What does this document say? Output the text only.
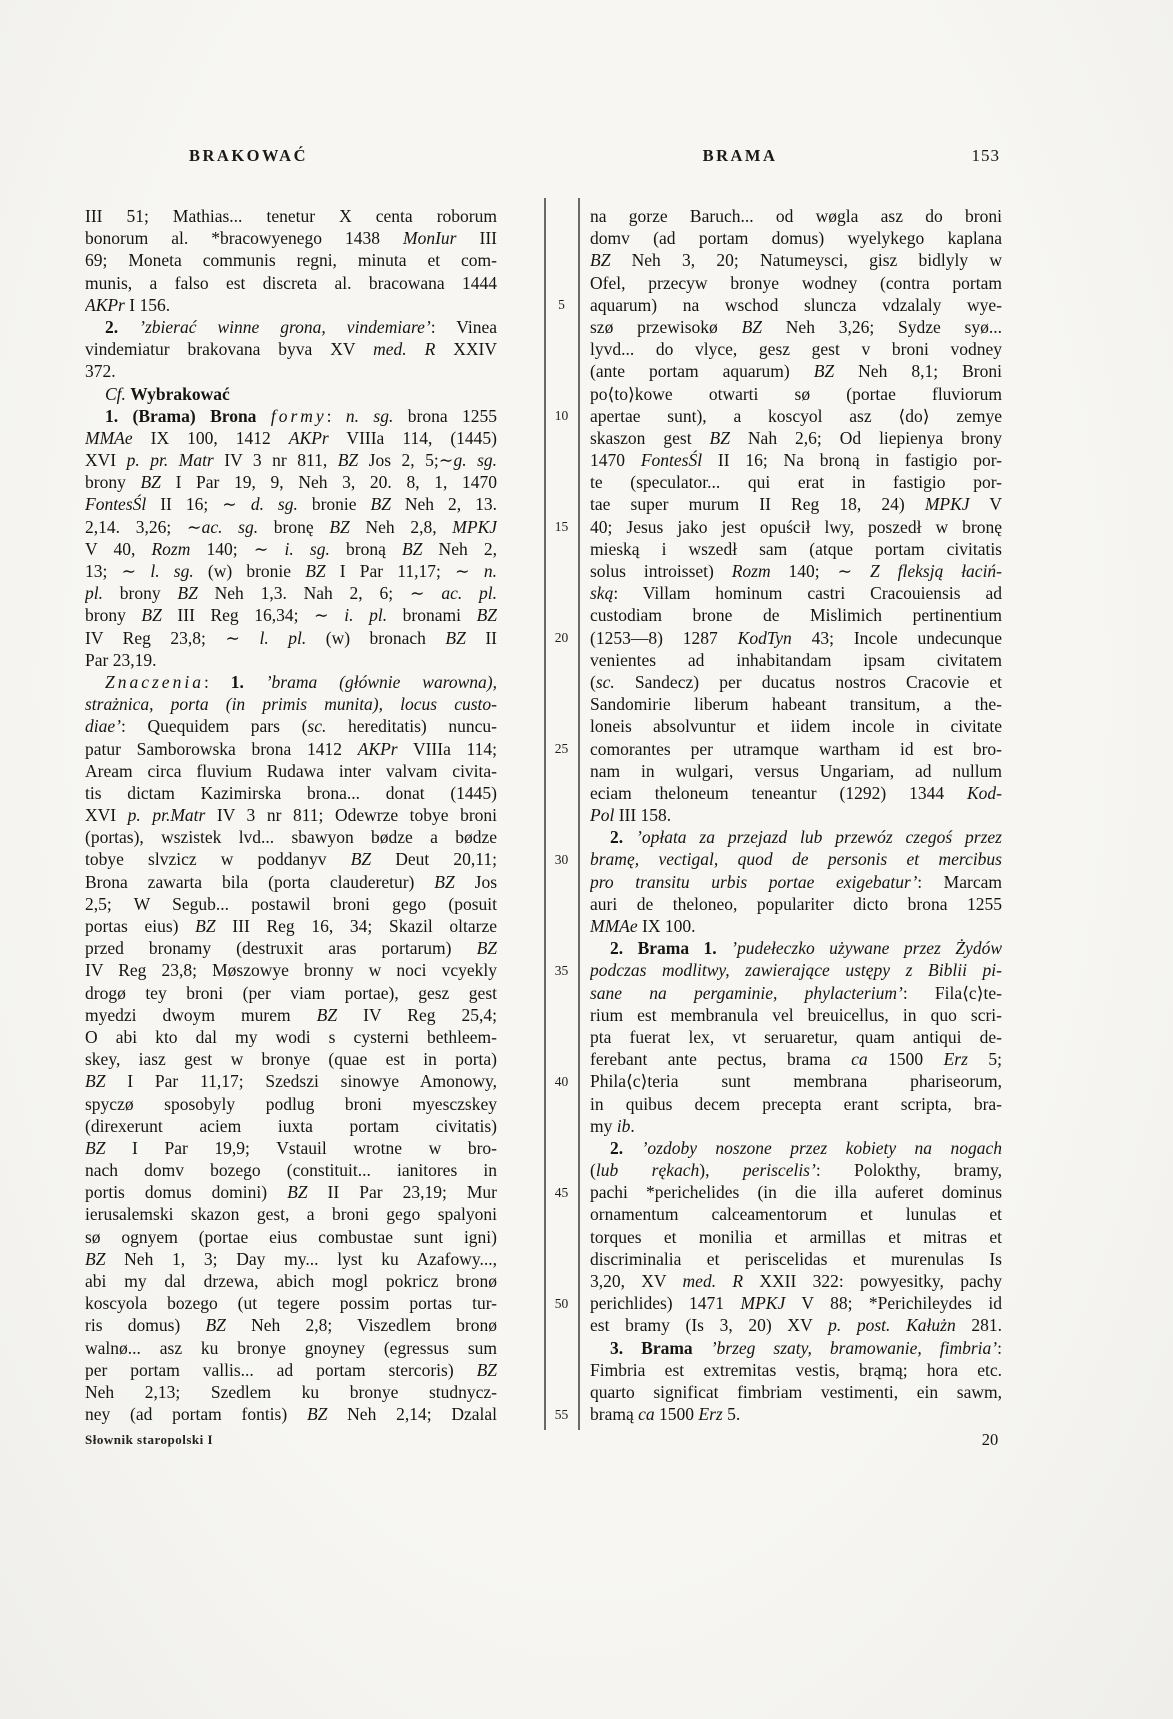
BRAKOWAĆ	BRAMA	153
III 51; Mathias... tenetur X centa roborum
bonorum al. *bracowyenego 1438 MonIur III
69; Moneta communis regni, minuta et com-
munis, a falso est discreta al. bracowana 1444
AKPr I 156.
2. ’zbierać winne grona, vindemiare’: Vinea
vindemiatur brakovana byva XV med. R XXIV
372.
Cf. Wybrakować
1. (Brama) Brona formy: n. sg. brona 1255
MMAe IX 100, 1412 AKPr VIIIa 114, (1445)
XVI p. pr. Matr IV 3 nr 811, BZ Jos 2, 5;∼g. sg.
brony BZ I Par 19, 9, Neh 3, 20. 8, 1, 1470
FontesŚl II 16; ∼ d. sg. bronie BZ Neh 2, 13.
2,14. 3,26; ∼ac. sg. bronę BZ Neh 2,8, MPKJ
V 40, Rozm 140; ∼ i. sg. broną BZ Neh 2,
13; ∼ l. sg. (w) bronie BZ I Par 11,17; ∼ n.
pl. brony BZ Neh 1,3. Nah 2, 6; ∼ ac. pl.
brony BZ III Reg 16,34; ∼ i. pl. bronami BZ
IV Reg 23,8; ∼ l. pl. (w) bronach BZ II
Par 23,19.
Znaczenia: 1. ’brama (głównie warowna),
strażnica, porta (in primis munita), locus custo-
diae’: Quequidem pars (sc. hereditatis) nuncu-
patur Samborowska brona 1412 AKPr VIIIa 114;
Aream circa fluvium Rudawa inter valvam civita-
tis dictam Kazimirska brona... donat (1445)
XVI p. pr.Matr IV 3 nr 811; Odewrze tobye broni
(portas), wszistek lvd... sbawyon bødze a bødze
tobye slvzicz w poddanyv BZ Deut 20,11;
Brona zawarta bila (porta clauderetur) BZ Jos
2,5; W Segub... postawil broni gego (posuit
portas eius) BZ III Reg 16, 34; Skazil oltarze
przed bronamy (destruxit aras portarum) BZ
IV Reg 23,8; Møszowye bronny w noci vcyekly
drogø tey broni (per viam portae), gesz gest
myedzi dwoym murem BZ IV Reg 25,4;
O abi kto dal my wodi s cysterni bethleem-
skey, iasz gest w bronye (quae est in porta)
BZ I Par 11,17; Szedszi sinowye Amonowy,
spyczø sposobyly podlug broni myesczskey
(direxerunt aciem iuxta portam civitatis)
BZ I Par 19,9; Vstauil wrotne w bro-
nach domv bozego (constituit... ianitores in
portis domus domini) BZ II Par 23,19; Mur
ierusalemski skazon gest, a broni gego spalyoni
sø ognyem (portae eius combustae sunt igni)
BZ Neh 1, 3; Day my... lyst ku Azafowy...,
abi my dal drzewa, abich mogl pokricz bronø
koscyola bozego (ut tegere possim portas tur-
ris domus) BZ Neh 2,8; Viszedlem bronø
walnø... asz ku bronye gnoyney (egressus sum
per portam vallis... ad portam stercoris) BZ
Neh 2,13; Szedlem ku bronye studnycz-
ney (ad portam fontis) BZ Neh 2,14; Dzalal
5
10
15
20
25
30
35
40
45
50
55
na gorze Baruch... od wøgla asz do broni
domv (ad portam domus) wyelykego kaplana
BZ Neh 3, 20; Natumeysci, gisz bidlyly w
Ofel, przecyw bronye wodney (contra portam
aquarum) na wschod sluncza vdzalaly wye-
szø przewisokø BZ Neh 3,26; Sydze syø...
lyvd... do vlyce, gesz gest v broni vodney
(ante portam aquarum) BZ Neh 8,1; Broni
po⟨to⟩kowe otwarti sø (portae fluviorum
apertae sunt), a koscyol asz ⟨do⟩ zemye
skaszon gest BZ Nah 2,6; Od liepienya brony
1470 FontesŚl II 16; Na broną in fastigio por-
te (speculator... qui erat in fastigio por-
tae super murum II Reg 18, 24) MPKJ V
40; Jesus jako jest opuścił lwy, poszedł w bronę
mieską i wszedł sam (atque portam civitatis
solus introisset) Rozm 140; ∼ Z fleksją łaciń-
ską: Villam hominum castri Cracouiensis ad
custodiam brone de Mislimich pertinentium
(1253—8) 1287 KodTyn 43; Incole undecunque
venientes ad inhabitandam ipsam civitatem
(sc. Sandecz) per ducatus nostros Cracovie et
Sandomirie liberum habeant transitum, a the-
loneis absolvuntur et iidem incole in civitate
comorantes per utramque wartham id est bro-
nam in wulgari, versus Ungariam, ad nullum
eciam theloneum teneantur (1292) 1344 Kod-
Pol III 158.
2. ’opłata za przejazd lub przewóz czegoś przez
bramę, vectigal, quod de personis et mercibus
pro transitu urbis portae exigebatur’: Marcam
auri de theloneo, populariter dicto brona 1255
MMAe IX 100.
2. Brama 1. ’pudełeczko używane przez Żydów
podczas modlitwy, zawierające ustępy z Biblii pi-
sane na pergaminie, phylacterium’: Fila⟨c⟩te-
rium est membranula vel breuicellus, in quo scri-
pta fuerat lex, vt seruaretur, quam antiqui de-
ferebant ante pectus, brama ca 1500 Erz 5;
Phila⟨c⟩teria sunt membrana phariseorum,
in quibus decem precepta erant scripta, bra-
my ib.
2. ’ozdoby noszone przez kobiety na nogach
(lub rękach), periscelis’: Polokthy, bramy,
pachi *perichelides (in die illa auferet dominus
ornamentum calceamentorum et lunulas et
torques et monilia et armillas et mitras et
discriminalia et periscelidas et murenulas Is
3,20, XV med. R XXII 322: powyesitky, pachy
perichlides) 1471 MPKJ V 88; *Perichileydes id
est bramy (Is 3, 20) XV p. post. Kałużn 281.
3. Brama ’brzeg szaty, bramowanie, fimbria’:
Fimbria est extremitas vestis, brąmą; hora etc.
quarto significat fimbriam vestimenti, ein sawm,
bramą ca 1500 Erz 5.
Słownik staropolski I	20
